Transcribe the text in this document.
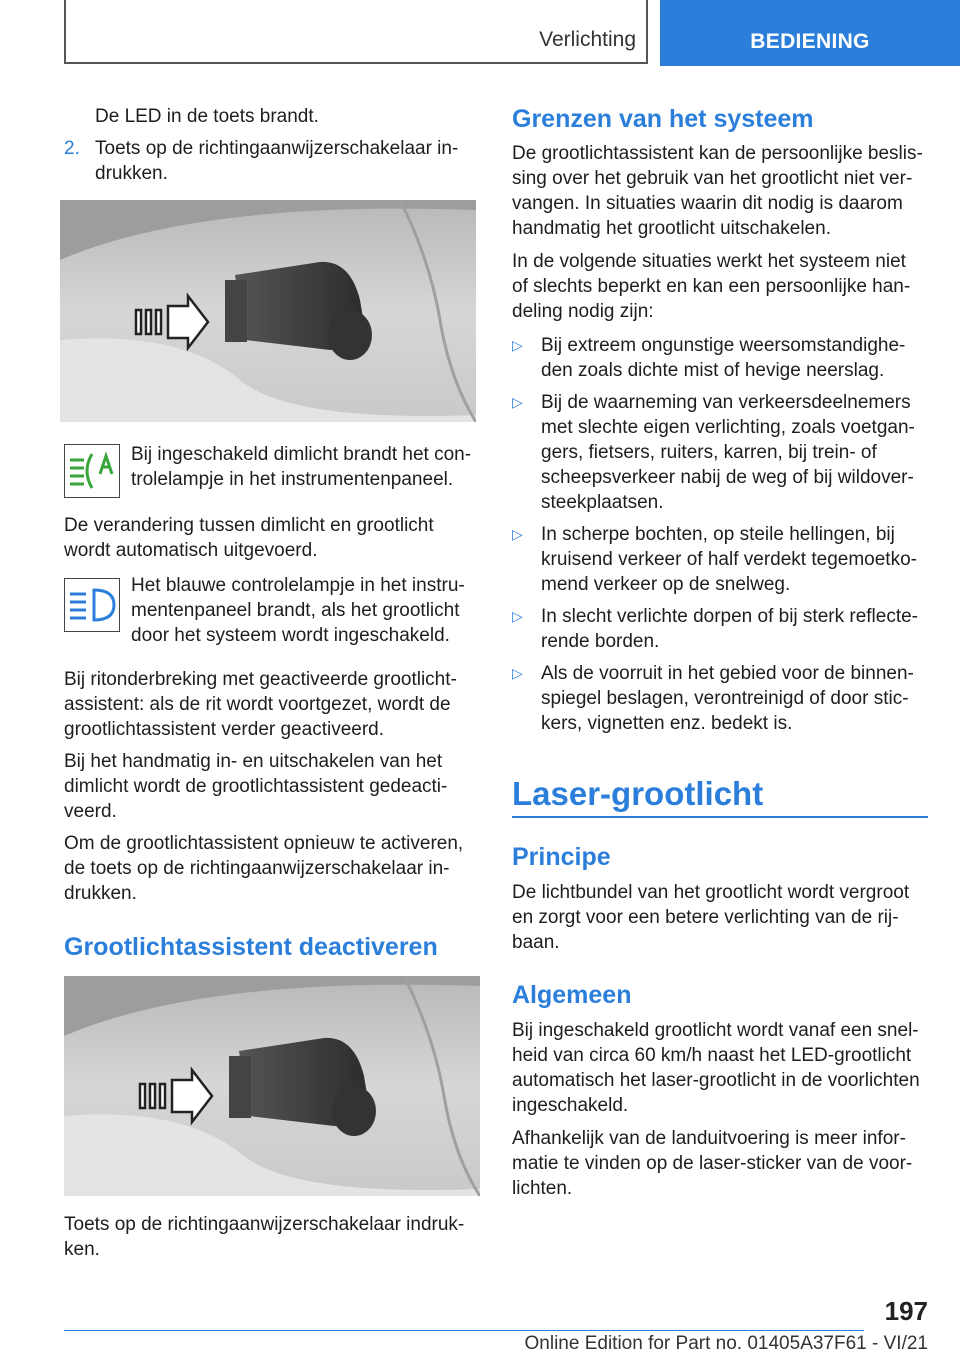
Verlichting	BEDIENING
De LED in de toets brandt.
2. Toets op de richtingaanwijzerschakelaar in-
drukken.
Bij ingeschakeld dimlicht brandt het con-
trolelampje in het instrumentenpaneel.
De verandering tussen dimlicht en grootlicht
wordt automatisch uitgevoerd.
Het blauwe controlelampje in het instru-
mentenpaneel brandt, als het grootlicht
door het systeem wordt ingeschakeld.
Bij ritonderbreking met geactiveerde grootlicht-
assistent: als de rit wordt voortgezet, wordt de
grootlichtassistent verder geactiveerd.
Bij het handmatig in- en uitschakelen van het
dimlicht wordt de grootlichtassistent gedeacti-
veerd.
Om de grootlichtassistent opnieuw te activeren,
de toets op de richtingaanwijzerschakelaar in-
drukken.
Grootlichtassistent deactiveren
Toets op de richtingaanwijzerschakelaar indruk-
ken.
Grenzen van het systeem
De grootlichtassistent kan de persoonlijke beslis-
sing over het gebruik van het grootlicht niet ver-
vangen. In situaties waarin dit nodig is daarom
handmatig het grootlicht uitschakelen.
In de volgende situaties werkt het systeem niet
of slechts beperkt en kan een persoonlijke han-
deling nodig zijn:
▷ Bij extreem ongunstige weersomstandighe-
den zoals dichte mist of hevige neerslag.
▷ Bij de waarneming van verkeersdeelnemers
met slechte eigen verlichting, zoals voetgan-
gers, fietsers, ruiters, karren, bij trein- of
scheepsverkeer nabij de weg of bij wildover-
steekplaatsen.
▷ In scherpe bochten, op steile hellingen, bij
kruisend verkeer of half verdekt tegemoetko-
mend verkeer op de snelweg.
▷ In slecht verlichte dorpen of bij sterk reflecte-
rende borden.
▷ Als de voorruit in het gebied voor de binnen-
spiegel beslagen, verontreinigd of door stic-
kers, vignetten enz. bedekt is.
Laser-grootlicht
Principe
De lichtbundel van het grootlicht wordt vergroot
en zorgt voor een betere verlichting van de rij-
baan.
Algemeen
Bij ingeschakeld grootlicht wordt vanaf een snel-
heid van circa 60 km/h naast het LED-grootlicht
automatisch het laser-grootlicht in de voorlichten
ingeschakeld.
Afhankelijk van de landuitvoering is meer infor-
matie te vinden op de laser-sticker van de voor-
lichten.
197
Online Edition for Part no. 01405A37F61 - VI/21
